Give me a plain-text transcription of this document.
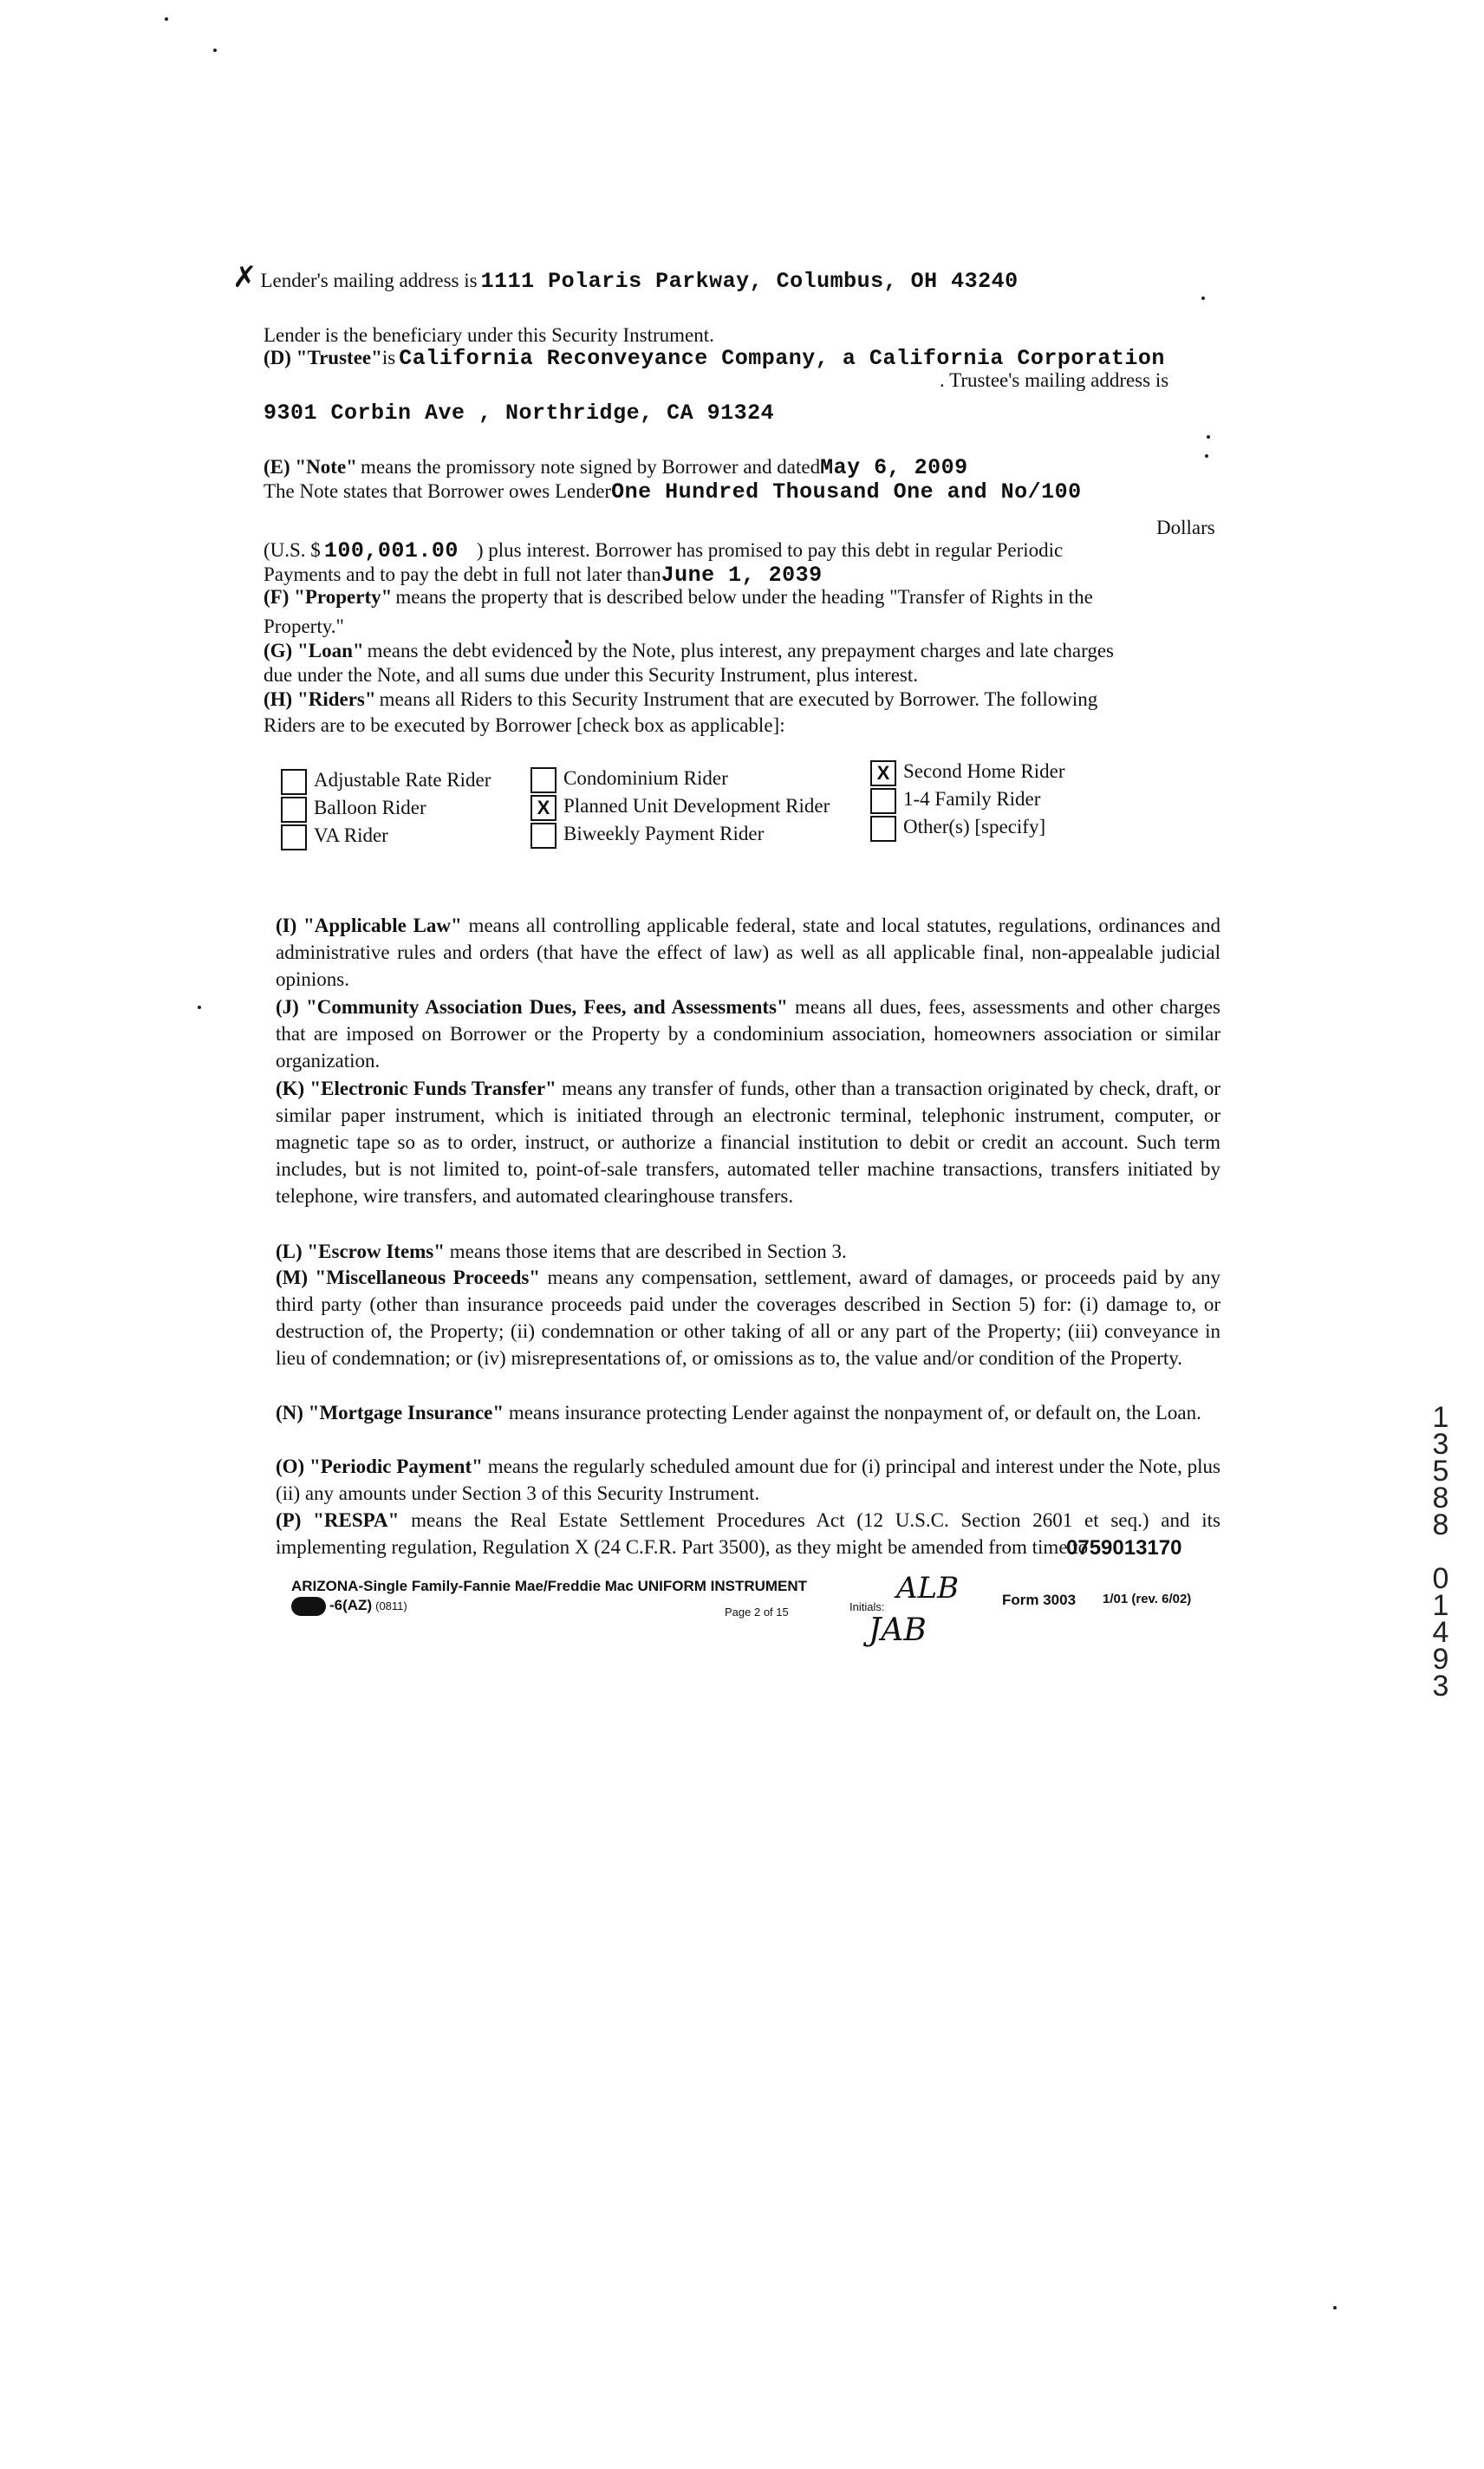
✗ Lender's mailing address is 1111 Polaris Parkway, Columbus, OH 43240
Lender is the beneficiary under this Security Instrument.
(D) "Trustee"is California Reconveyance Company, a California Corporation
. Trustee's mailing address is
9301 Corbin Ave , Northridge, CA 91324
(E) "Note" means the promissory note signed by Borrower and datedMay 6, 2009
The Note states that Borrower owes LenderOne Hundred Thousand One and No/100
Dollars
(U.S. $ 100,001.00 ) plus interest. Borrower has promised to pay this debt in regular Periodic
Payments and to pay the debt in full not later thanJune 1, 2039
(F) "Property" means the property that is described below under the heading "Transfer of Rights in the
Property."
(G) "Loan" means the debt evidenced by the Note, plus interest, any prepayment charges and late charges
due under the Note, and all sums due under this Security Instrument, plus interest.
(H) "Riders" means all Riders to this Security Instrument that are executed by Borrower. The following
Riders are to be executed by Borrower [check box as applicable]:
Adjustable Rate Rider
Balloon Rider
VA Rider
Condominium Rider
X Planned Unit Development Rider
Biweekly Payment Rider
X Second Home Rider
1-4 Family Rider
Other(s) [specify]
(I) "Applicable Law" means all controlling applicable federal, state and local statutes, regulations, ordinances and administrative rules and orders (that have the effect of law) as well as all applicable final, non-appealable judicial opinions.
(J) "Community Association Dues, Fees, and Assessments" means all dues, fees, assessments and other charges that are imposed on Borrower or the Property by a condominium association, homeowners association or similar organization.
(K) "Electronic Funds Transfer" means any transfer of funds, other than a transaction originated by check, draft, or similar paper instrument, which is initiated through an electronic terminal, telephonic instrument, computer, or magnetic tape so as to order, instruct, or authorize a financial institution to debit or credit an account. Such term includes, but is not limited to, point-of-sale transfers, automated teller machine transactions, transfers initiated by telephone, wire transfers, and automated clearinghouse transfers.
(L) "Escrow Items" means those items that are described in Section 3.
(M) "Miscellaneous Proceeds" means any compensation, settlement, award of damages, or proceeds paid by any third party (other than insurance proceeds paid under the coverages described in Section 5) for: (i) damage to, or destruction of, the Property; (ii) condemnation or other taking of all or any part of the Property; (iii) conveyance in lieu of condemnation; or (iv) misrepresentations of, or omissions as to, the value and/or condition of the Property.
(N) "Mortgage Insurance" means insurance protecting Lender against the nonpayment of, or default on, the Loan.
(O) "Periodic Payment" means the regularly scheduled amount due for (i) principal and interest under the Note, plus (ii) any amounts under Section 3 of this Security Instrument.
(P) "RESPA" means the Real Estate Settlement Procedures Act (12 U.S.C. Section 2601 et seq.) and its implementing regulation, Regulation X (24 C.F.R. Part 3500), as they might be amended from time to
0759013170
ARIZONA-Single Family-Fannie Mae/Freddie Mac UNIFORM INSTRUMENT
-6(AZ) (0811)	Page 2 of 15	Initials:
ALB
JAB
Form 3003 1/01 (rev. 6/02)
1
3
5
8
8

0
1
4
9
3
